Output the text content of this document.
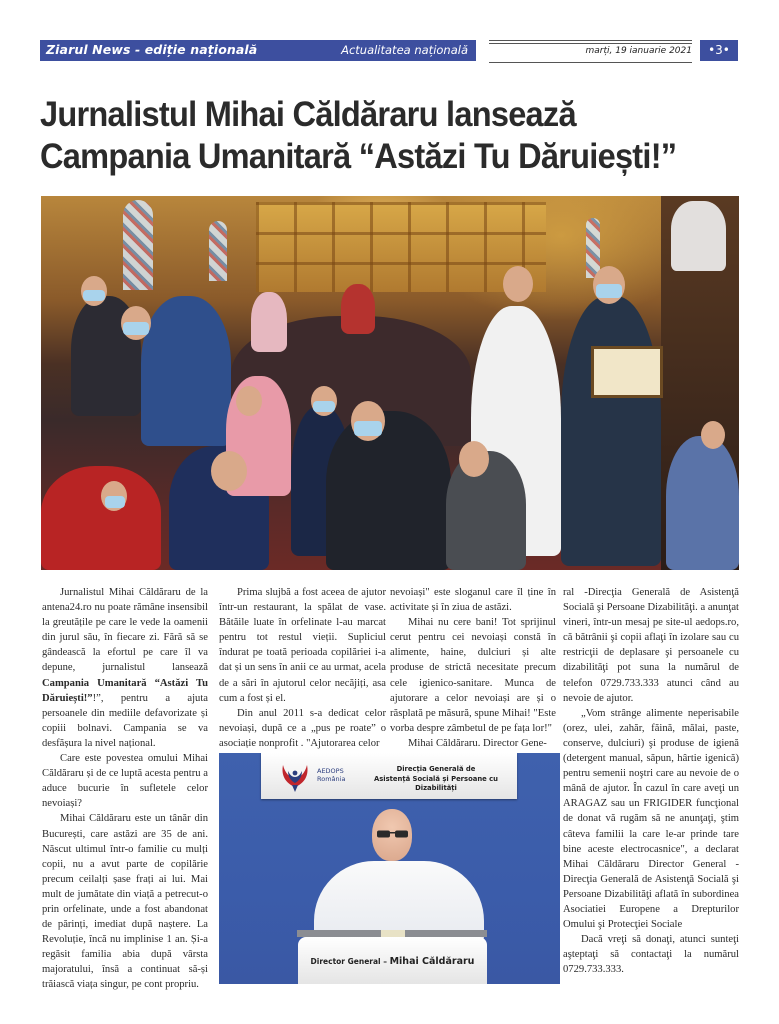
Ziarul News - ediție națională	Actualitatea națională	marți, 19 ianuarie 2021	•3•
Jurnalistul Mihai Căldăraru lansează
Campania Umanitară “Astăzi Tu Dăruiești!”

Jurnalistul Mihai Căldăraru de la antena24.ro nu poate rămâne insensibil la greutățile pe care le vede la oamenii din jurul său, în fiecare zi. Fără să se gândească la efortul pe care îl va depune, jurnalistul lansează Campania Umanitară “Astăzi Tu Dăruiești!”!”, pentru a ajuta persoanele din mediile defavorizate și copiii bolnavi. Campania se va desfășura la nivel național.

Care este povestea omului Mihai Căldăraru și de ce luptă acesta pentru a aduce bucurie în sufletele celor nevoiași?

Mihai Căldăraru este un tânăr din București, care astăzi are 35 de ani. Născut ultimul într-o familie cu mulți copii, nu a avut parte de copilărie precum ceilalți șase frați ai lui. Mai mult de jumătate din viață a petrecut-o prin orfelinate, unde a fost abandonat de părinți, imediat după naștere. La Revoluție, încă nu implinise 1 an. Și-a regăsit familia abia după vârsta majoratului, însă a continuat să-și trăiască viața singur, pe cont propriu.

Prima slujbă a fost aceea de ajutor într-un restaurant, la spălat de vase. Bătăile luate în orfelinate l-au marcat pentru tot restul vieții. Supliciul îndurat pe toată perioada copilăriei i-a dat și un sens în anii ce au urmat, acela de a sări în ajutorul celor necăjiți, asa cum a fost și el.

Din anul 2011 s-a dedicat celor nevoiași, după ce a „pus pe roate” o asociație nonprofit . "Ajutorarea celor

nevoiași" este sloganul care îl ține în activitate și în ziua de astăzi.

Mihai nu cere bani! Tot sprijinul cerut pentru cei nevoiași constă în alimente, haine, dulciuri și alte produse de strictă necesitate precum cele igienico-sanitare. Munca de ajutorare a celor nevoiași are și o răsplată pe măsură, spune Mihai! "Este vorba despre zâmbetul de pe fața lor!"

Mihai Căldăraru. Director Gene-

ral -Direcţia Generală de Asistenţă Socială şi Persoane Dizabilităţi. a anunţat vineri, într-un mesaj pe site-ul aedops.ro, că bătrânii şi copii aflaţi în izolare sau cu restricţii de deplasare şi persoanele cu dizabilităţi pot suna la numărul de telefon 0729.733.333 atunci când au nevoie de ajutor.

„Vom strânge alimente neperisabile (orez, ulei, zahăr, făină, mălai, paste, conserve, dulciuri) şi produse de igienă (detergent manual, săpun, hârtie igenică) pentru semenii noştri care au nevoie de o mână de ajutor. În cazul în care aveţi un ARAGAZ sau un FRIGIDER funcţional de donat vă rugăm să ne anunţaţi, ştim câteva familii la care le-ar prinde tare bine aceste electrocasnice", a declarat Mihai Căldăraru Director General -Direcţia Generală de Asistenţă Socială şi Persoane Dizabilităţi aflată în subordinea Asociatiei Europene a Drepturilor Omului şi Protecţiei Sociale

Dacă vreţi să donaţi, atunci sunteţi aşteptaţi să contactaţi la numărul 0729.733.333.

AEDOPS
România
Direcția Generală de
Asistență Socială și Persoane cu Dizabilități
Director General – Mihai Căldăraru
